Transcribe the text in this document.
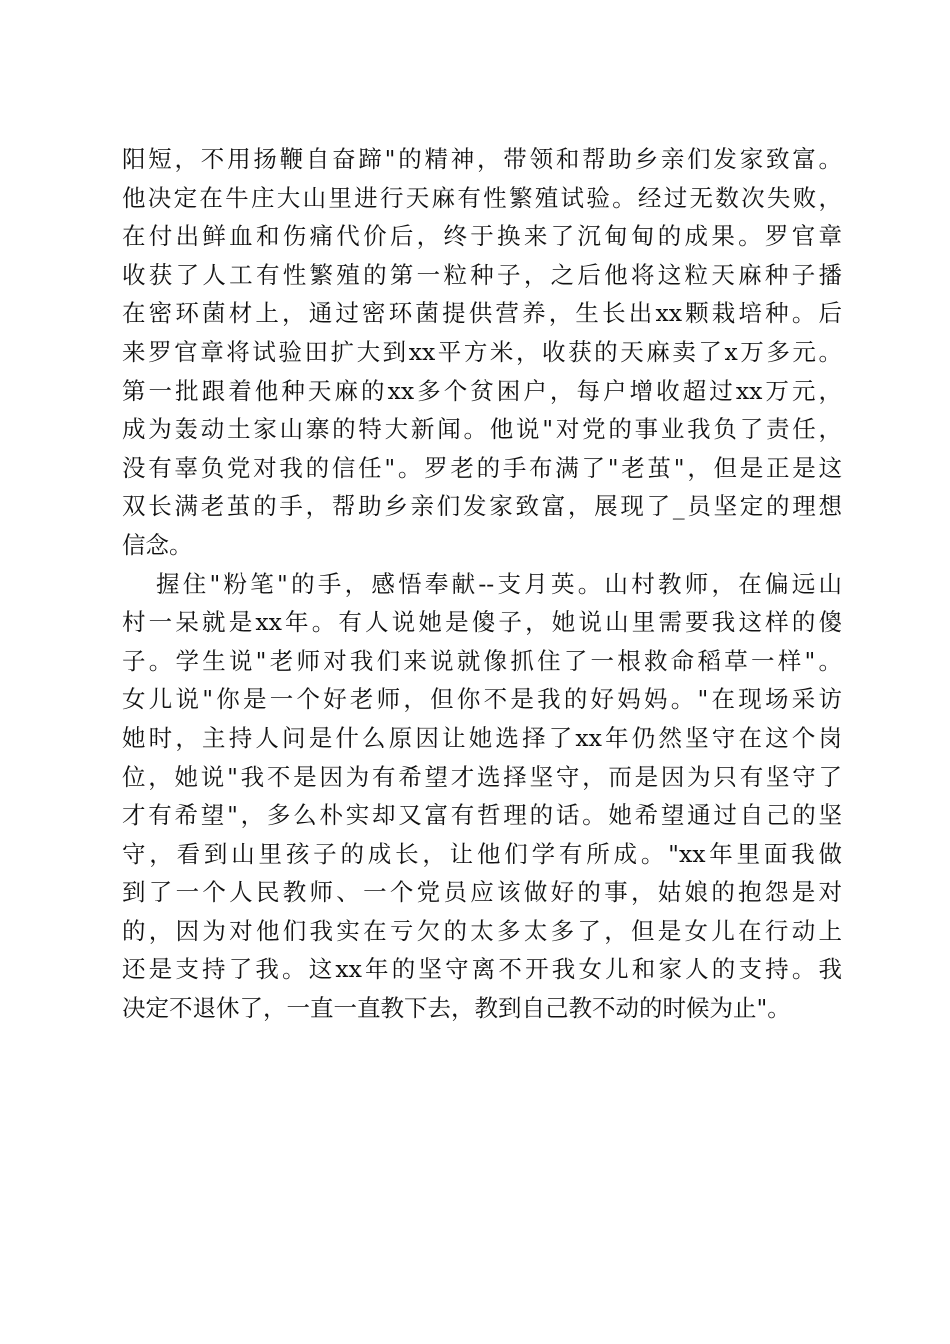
阳短，不用扬鞭自奋蹄"的精神，带领和帮助乡亲们发家致富。
他决定在牛庄大山里进行天麻有性繁殖试验。经过无数次失败，
在付出鲜血和伤痛代价后，终于换来了沉甸甸的成果。罗官章
收获了人工有性繁殖的第一粒种子，之后他将这粒天麻种子播
在密环菌材上，通过密环菌提供营养，生长出xx颗栽培种。后
来罗官章将试验田扩大到xx平方米，收获的天麻卖了x万多元。
第一批跟着他种天麻的xx多个贫困户，每户增收超过xx万元，
成为轰动土家山寨的特大新闻。他说"对党的事业我负了责任，
没有辜负党对我的信任"。罗老的手布满了"老茧"，但是正是这
双长满老茧的手，帮助乡亲们发家致富，展现了_员坚定的理想
信念。
握住"粉笔"的手，感悟奉献--支月英。山村教师，在偏远山
村一呆就是xx年。有人说她是傻子，她说山里需要我这样的傻
子。学生说"老师对我们来说就像抓住了一根救命稻草一样"。
女儿说"你是一个好老师，但你不是我的好妈妈。"在现场采访
她时，主持人问是什么原因让她选择了xx年仍然坚守在这个岗
位，她说"我不是因为有希望才选择坚守，而是因为只有坚守了
才有希望"，多么朴实却又富有哲理的话。她希望通过自己的坚
守，看到山里孩子的成长，让他们学有所成。"xx年里面我做
到了一个人民教师、一个党员应该做好的事，姑娘的抱怨是对
的，因为对他们我实在亏欠的太多太多了，但是女儿在行动上
还是支持了我。这xx年的坚守离不开我女儿和家人的支持。我
决定不退休了，一直一直教下去，教到自己教不动的时候为止"。
